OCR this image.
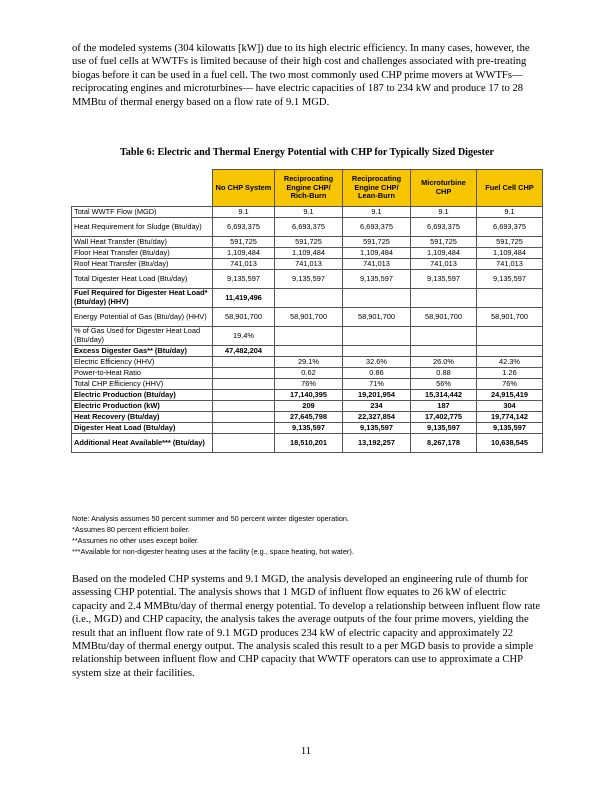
of the modeled systems (304 kilowatts [kW]) due to its high electric efficiency. In many cases, however, the use of fuel cells at WWTFs is limited because of their high cost and challenges associated with pre-treating biogas before it can be used in a fuel cell. The two most commonly used CHP prime movers at WWTFs—reciprocating engines and microturbines— have electric capacities of 187 to 234 kW and produce 17 to 28 MMBtu of thermal energy based on a flow rate of 9.1 MGD.

Table 6: Electric and Thermal Energy Potential with CHP for Typically Sized Digester

	No CHP System	Reciprocating Engine CHP/ Rich-Burn	Reciprocating Engine CHP/ Lean-Burn	Microturbine CHP	Fuel Cell CHP
Total WWTF Flow (MGD)	9.1	9.1	9.1	9.1	9.1
Heat Requirement for Sludge (Btu/day)	6,693,375	6,693,375	6,693,375	6,693,375	6,693,375
Wall Heat Transfer (Btu/day)	591,725	591,725	591,725	591,725	591,725
Floor Heat Transfer (Btu/day)	1,109,484	1,109,484	1,109,484	1,109,484	1,109,484
Roof Heat Transfer (Btu/day)	741,013	741,013	741,013	741,013	741,013
Total Digester Heat Load (Btu/day)	9,135,597	9,135,597	9,135,597	9,135,597	9,135,597
Fuel Required for Digester Heat Load* (Btu/day) (HHV)	11,419,496				
Energy Potential of Gas (Btu/day) (HHV)	58,901,700	58,901,700	58,901,700	58,901,700	58,901,700
% of Gas Used for Digester Heat Load (Btu/day)	19.4%				
Excess Digester Gas** (Btu/day)	47,482,204				
Electric Efficiency (HHV)		29.1%	32.6%	26.0%	42.3%
Power-to-Heat Ratio		0.62	0.86	0.88	1.26
Total CHP Efficiency (HHV)		76%	71%	56%	76%
Electric Production (Btu/day)		17,140,395	19,201,954	15,314,442	24,915,419
Electric Production (kW)		209	234	187	304
Heat Recovery (Btu/day)		27,645,798	22,327,854	17,402,775	19,774,142
Digester Heat Load (Btu/day)		9,135,597	9,135,597	9,135,597	9,135,597
Additional Heat Available*** (Btu/day)		18,510,201	13,192,257	8,267,178	10,638,545
Note: Analysis assumes 50 percent summer and 50 percent winter digester operation.
*Assumes 80 percent efficient boiler.
**Assumes no other uses except boiler.
***Available for non-digester heating uses at the facility (e.g., space heating, hot water).

Based on the modeled CHP systems and 9.1 MGD, the analysis developed an engineering rule of thumb for assessing CHP potential. The analysis shows that 1 MGD of influent flow equates to 26 kW of electric capacity and 2.4 MMBtu/day of thermal energy potential. To develop a relationship between influent flow rate (i.e., MGD) and CHP capacity, the analysis takes the average outputs of the four prime movers, yielding the result that an influent flow rate of 9.1 MGD produces 234 kW of electric capacity and approximately 22 MMBtu/day of thermal energy output. The analysis scaled this result to a per MGD basis to provide a simple relationship between influent flow and CHP capacity that WWTF operators can use to approximate a CHP system size at their facilities.

11
